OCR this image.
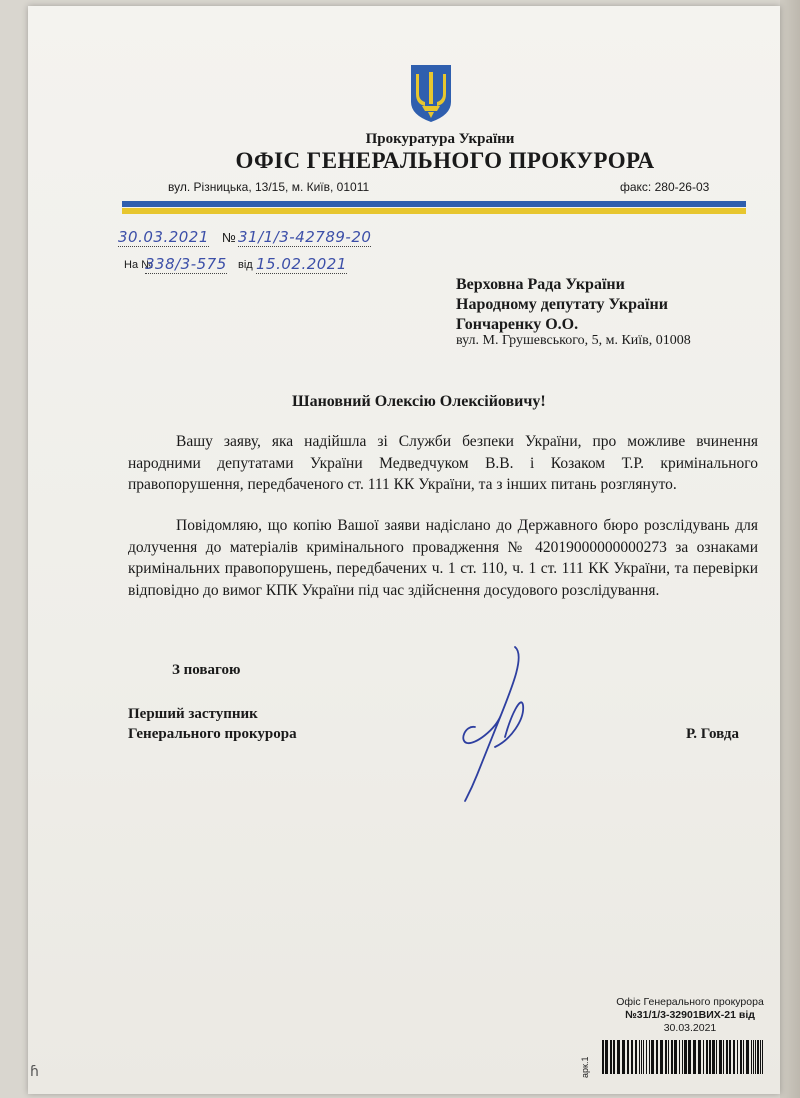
Прокуратура України
ОФІС ГЕНЕРАЛЬНОГО ПРОКУРОРА
вул. Різницька, 13/15, м. Київ, 01011	факс: 280-26-03
30.03.2021 № 31/1/3-42789-20
На №
338/3-575 від 15.02.2021
Верховна Рада України
Народному депутату України
Гончаренку О.О.
вул. М. Грушевського, 5, м. Київ, 01008
Шановний Олексію Олексійовичу!
Вашу заяву, яка надійшла зі Служби безпеки України, про можливе вчинення народними депутатами України Медведчуком В.В. і Козаком Т.Р. кримінального правопорушення, передбаченого ст. 111 КК України, та з інших питань розглянуто.
Повідомляю, що копію Вашої заяви надіслано до Державного бюро розслідувань для долучення до матеріалів кримінального провадження № 42019000000000273 за ознаками кримінальних правопорушень, передбачених ч. 1 ст. 110, ч. 1 ст. 111 КК України, та перевірки відповідно до вимог КПК України під час здійснення досудового розслідування.
З повагою
Перший заступник
Генерального прокурора	Р. Говда
Офіс Генерального прокурора
№31/1/3-32901ВИХ-21 від
30.03.2021
арк.1
ɦ
